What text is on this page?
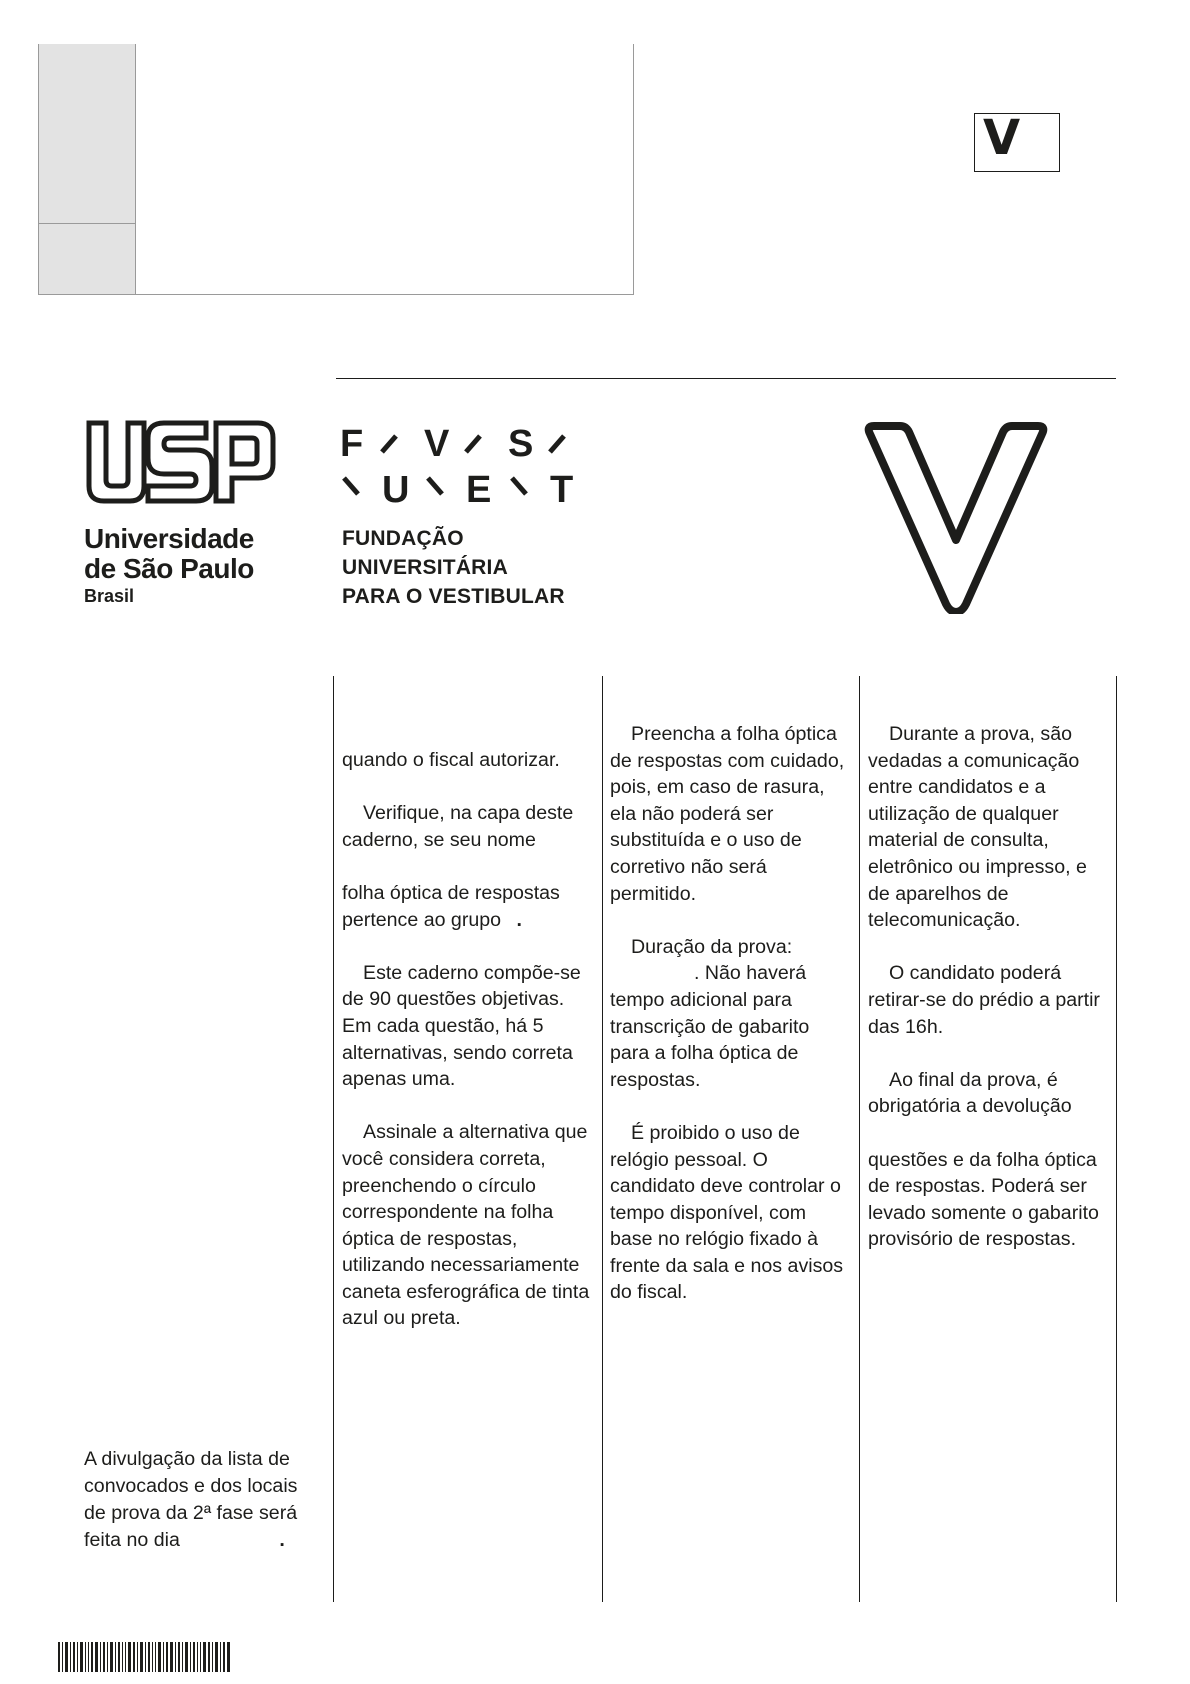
V
Universidade
de São Paulo
Brasil
F V S
U E T
FUNDAÇÃO
UNIVERSITÁRIA
PARA O VESTIBULAR

quando o fiscal autorizar.

Verifique, na capa deste
caderno, se seu nome

folha óptica de respostas
pertence ao grupo .

Este caderno compõe-se de 90 questões objetivas. Em cada questão, há 5 alternativas, sendo correta apenas uma.

Assinale a alternativa que você considera correta, preenchendo o círculo correspondente na folha óptica de respostas, utilizando necessariamente caneta esferográfica de tinta azul ou preta.

Preencha a folha óptica de respostas com cuidado, pois, em caso de rasura, ela não poderá ser substituída e o uso de corretivo não será permitido.

Duração da prova:
. Não haverá
tempo adicional para transcrição de gabarito para a folha óptica de respostas.

É proibido o uso de relógio pessoal. O candidato deve controlar o tempo disponível, com base no relógio fixado à frente da sala e nos avisos do fiscal.

Durante a prova, são vedadas a comunicação entre candidatos e a utilização de qualquer material de consulta, eletrônico ou impresso, e de aparelhos de telecomunicação.

O candidato poderá retirar-se do prédio a partir das 16h.

Ao final da prova, é
obrigatória a devolução

questões e da folha óptica de respostas. Poderá ser levado somente o gabarito provisório de respostas.

A divulgação da lista de convocados e dos locais de prova da 2ª fase será feita no dia	.
